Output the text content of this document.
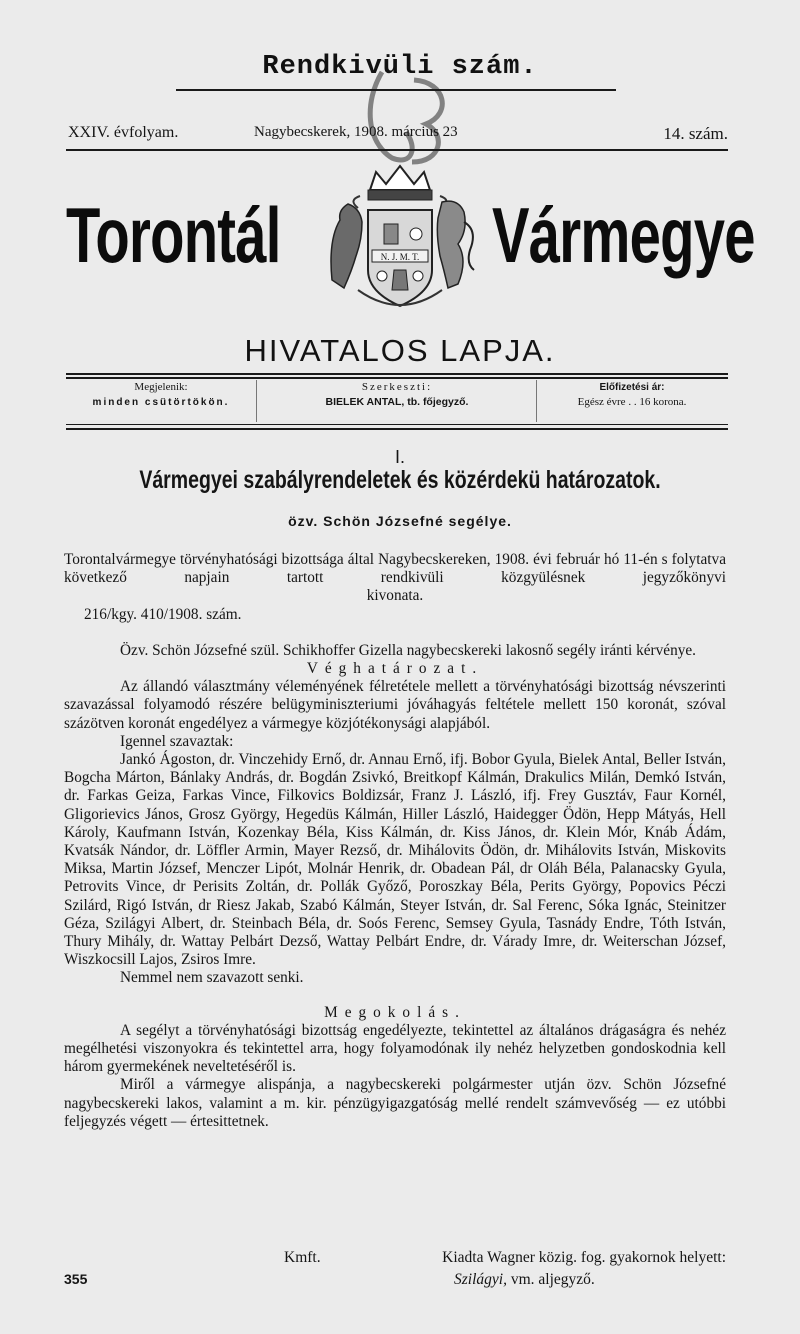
Rendkivüli szám.
XXIV. évfolyam.	Nagybecskerek, 1908. március 23	14. szám.
Torontál	N. J. M. T. Vármegye
HIVATALOS LAPJA.
Megjelenik:
minden csütörtökön.
Szerkeszti:
BIELEK ANTAL, tb. főjegyző.
Előfizetési ár:
Egész évre . . 16 korona.
I.
Vármegyei szabályrendeletek és közérdekü határozatok.
özv. Schön Józsefné segélye.

Torontalvármegye törvényhatósági bizottsága által Nagybecskereken, 1908. évi február hó 11-én s folytatva következő napjain tartott rendkivüli közgyülésnek jegyzőkönyvi

kivonata.

216/kgy. 410/1908. szám.

Özv. Schön Józsefné szül. Schikhoffer Gizella nagybecskereki lakosnő segély iránti kérvénye.

Véghatározat.

Az állandó választmány véleményének félretétele mellett a törvényhatósági bizottság névszerinti szavazással folyamodó részére belügyminiszteriumi jóváhagyás feltétele mellett 150 koronát, szóval százötven koronát engedélyez a vármegye közjótékonysági alapjából.

Igennel szavaztak:

Jankó Ágoston, dr. Vinczehidy Ernő, dr. Annau Ernő, ifj. Bobor Gyula, Bielek Antal, Beller István, Bogcha Márton, Bánlaky András, dr. Bogdán Zsivkó, Breitkopf Kálmán, Drakulics Milán, Demkó István, dr. Farkas Geiza, Farkas Vince, Filkovics Boldizsár, Franz J. László, ifj. Frey Gusztáv, Faur Kornél, Gligorievics János, Grosz György, Hegedüs Kálmán, Hiller László, Haidegger Ödön, Hepp Mátyás, Hell Károly, Kaufmann István, Kozenkay Béla, Kiss Kálmán, dr. Kiss János, dr. Klein Mór, Knáb Ádám, Kvatsák Nándor, dr. Löffler Armin, Mayer Rezső, dr. Mihálovits Ödön, dr. Mihálovits István, Miskovits Miksa, Martin József, Menczer Lipót, Molnár Henrik, dr. Obadean Pál, dr Oláh Béla, Palanacsky Gyula, Petrovits Vince, dr Perisits Zoltán, dr. Pollák Győző, Poroszkay Béla, Perits György, Popovics Péczi Szilárd, Rigó István, dr Riesz Jakab, Szabó Kálmán, Steyer István, dr. Sal Ferenc, Sóka Ignác, Steinitzer Géza, Szilágyi Albert, dr. Steinbach Béla, dr. Soós Ferenc, Semsey Gyula, Tasnády Endre, Tóth István, Thury Mihály, dr. Wattay Pelbárt Dezső, Wattay Pelbárt Endre, dr. Várady Imre, dr. Weiterschan József, Wiszkocsill Lajos, Zsiros Imre.

Nemmel nem szavazott senki.

Megokolás.

A segélyt a törvényhatósági bizottság engedélyezte, tekintettel az általános drágaságra és nehéz megélhetési viszonyokra és tekintettel arra, hogy folyamodónak ily nehéz helyzetben gondoskodnia kell három gyermekének neveltetéséről is.

Miről a vármegye alispánja, a nagybecskereki polgármester utján özv. Schön Józsefné nagybecskereki lakos, valamint a m. kir. pénzügyigazgatóság mellé rendelt számvevőség — ez utóbbi feljegyzés végett — értesittetnek.

Kmft.	Kiadta Wagner közig. fog. gyakornok helyett:
355	Szilágyi, vm. aljegyző.
